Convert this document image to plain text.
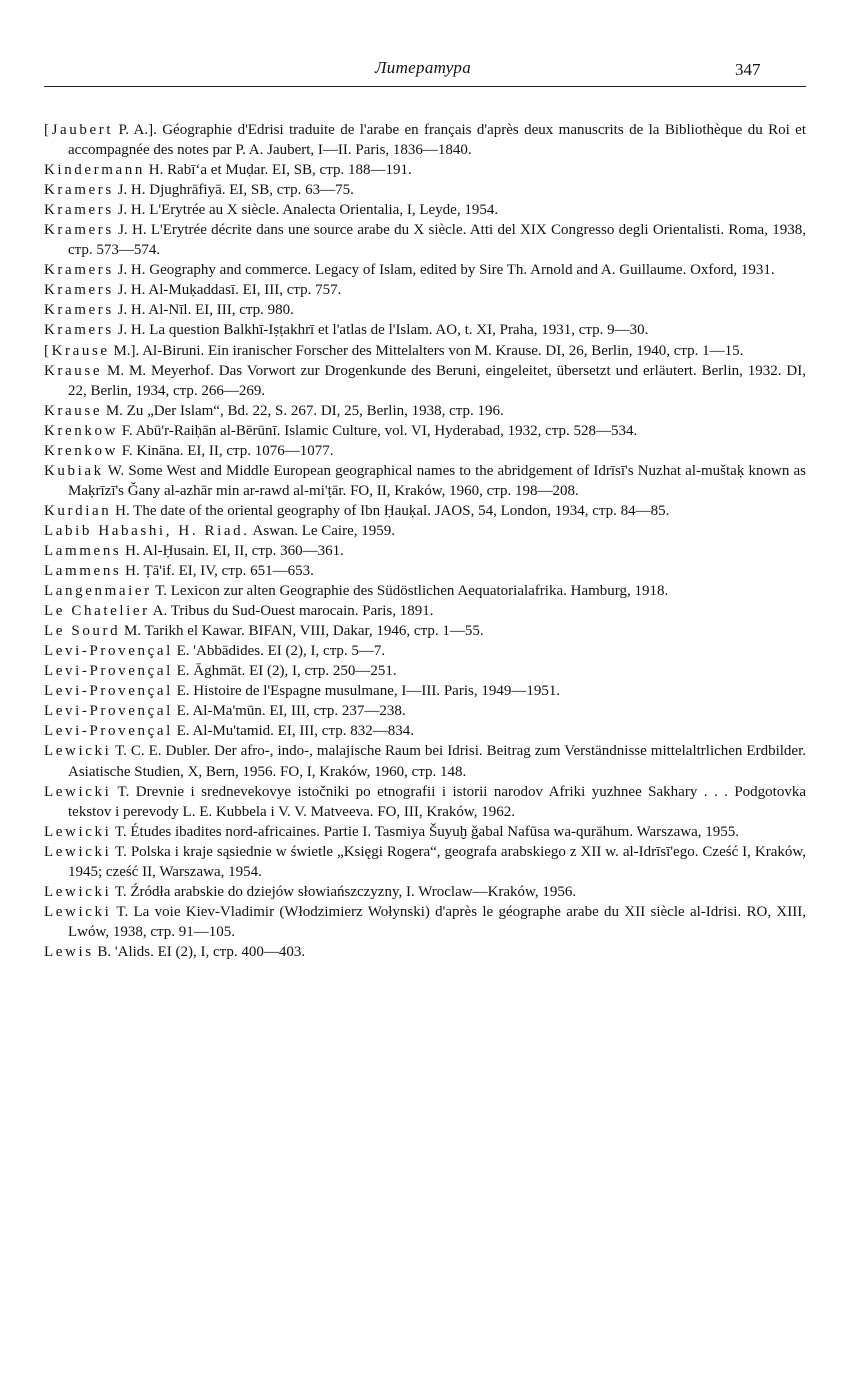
Литература	347
[Jaubert P. A.]. Géographie d'Edrisi traduite de l'arabe en français d'après deux manuscrits de la Bibliothèque du Roi et accompagnée des notes par P. A. Jaubert, I—II. Paris, 1836—1840.
Kindermann H. Rabīʻa et Muḍar. EI, SB, стр. 188—191.
Kramers J. H. Djughrāfiyā. EI, SB, стр. 63—75.
Kramers J. H. L'Erytrée au X siècle. Analecta Orientalia, I, Leyde, 1954.
Kramers J. H. L'Erytrée décrite dans une source arabe du X siècle. Atti del XIX Congresso degli Orientalisti. Roma, 1938, стр. 573—574.
Kramers J. H. Geography and commerce. Legacy of Islam, edited by Sire Th. Arnold and A. Guillaume. Oxford, 1931.
Kramers J. H. Al-Muḳaddasī. EI, III, стр. 757.
Kramers J. H. Al-Nīl. EI, III, стр. 980.
Kramers J. H. La question Balkhī-Iṣṭakhrī et l'atlas de l'Islam. AO, t. XI, Praha, 1931, стр. 9—30.
[Krause M.]. Al-Biruni. Ein iranischer Forscher des Mittelalters von M. Krause. DI, 26, Berlin, 1940, стр. 1—15.
Krause M. M. Meyerhof. Das Vorwort zur Drogenkunde des Beruni, eingeleitet, übersetzt und erläutert. Berlin, 1932. DI, 22, Berlin, 1934, стр. 266—269.
Krause M. Zu „Der Islam“, Bd. 22, S. 267. DI, 25, Berlin, 1938, стр. 196.
Krenkow F. Abū'r-Raiḥān al-Bērūnī. Islamic Culture, vol. VI, Hyderabad, 1932, стр. 528—534.
Krenkow F. Kināna. EI, II, стр. 1076—1077.
Kubiak W. Some West and Middle European geographical names to the abridgement of Idrīsī's Nuzhat al-muštaḳ known as Maḳrīzī's Ǧany al-azhār min ar-rawd al-mi'ṭār. FO, II, Kraków, 1960, стр. 198—208.
Kurdian H. The date of the oriental geography of Ibn Ḥauḳal. JAOS, 54, London, 1934, стр. 84—85.
Labib Habashi, H. Riad. Aswan. Le Caire, 1959.
Lammens H. Al-Ḥusain. EI, II, стр. 360—361.
Lammens H. Ṭā'if. EI, IV, стр. 651—653.
Langenmaier T. Lexicon zur alten Geographie des Südöstlichen Aequatorialafrika. Hamburg, 1918.
Le Chatelier A. Tribus du Sud-Ouest marocain. Paris, 1891.
Le Sourd M. Tarikh el Kawar. BIFAN, VIII, Dakar, 1946, стр. 1—55.
Levi-Provençal E. 'Abbādides. EI (2), I, стр. 5—7.
Levi-Provençal E. Āghmāt. EI (2), I, стр. 250—251.
Levi-Provençal E. Histoire de l'Espagne musulmane, I—III. Paris, 1949—1951.
Levi-Provençal E. Al-Ma'mūn. EI, III, стр. 237—238.
Levi-Provençal E. Al-Mu'tamid. EI, III, стр. 832—834.
Lewicki T. C. E. Dubler. Der afro-, indo-, malajische Raum bei Idrisi. Beitrag zum Verständnisse mittelaltrlichen Erdbilder. Asiatische Studien, X, Bern, 1956. FO, I, Kraków, 1960, стр. 148.
Lewicki T. Drevnie i srednevekovye istočniki po etnografii i istorii narodov Afriki yuzhnee Sakhary . . . Podgotovka tekstov i perevody L. E. Kubbela i V. V. Matveeva. FO, III, Kraków, 1962.
Lewicki T. Études ibadites nord-africaines. Partie I. Tasmiya Šuyuḫ ǧabal Nafūsa wa-qurāhum. Warszawa, 1955.
Lewicki T. Polska i kraje sąsiednie w świetle „Księgi Rogera“, geografa arabskiego z XII w. al-Idrīsī'ego. Cześć I, Kraków, 1945; cześć II, Warszawa, 1954.
Lewicki T. Źródła arabskie do dziejów słowiańszczyzny, I. Wroclaw—Kraków, 1956.
Lewicki T. La voie Kiev-Vladimir (Włodzimierz Wołynski) d'après le géographe arabe du XII siècle al-Idrisi. RO, XIII, Lwów, 1938, стр. 91—105.
Lewis B. 'Alids. EI (2), I, стр. 400—403.
